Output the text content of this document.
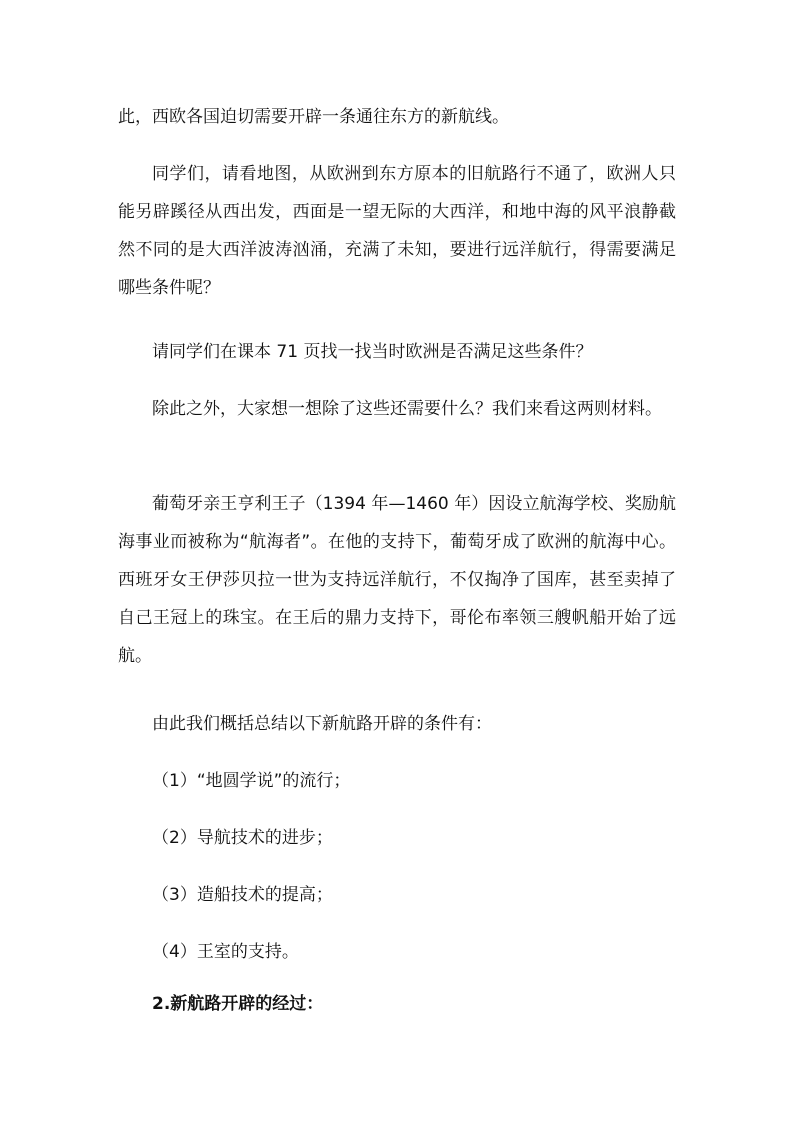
此，西欧各国迫切需要开辟一条通往东方的新航线。

同学们，请看地图，从欧洲到东方原本的旧航路行不通了，欧洲人只能另辟蹊径从西出发，西面是一望无际的大西洋，和地中海的风平浪静截然不同的是大西洋波涛汹涌，充满了未知，要进行远洋航行，得需要满足哪些条件呢？

请同学们在课本 71 页找一找当时欧洲是否满足这些条件？

除此之外，大家想一想除了这些还需要什么？我们来看这两则材料。

葡萄牙亲王亨利王子（1394 年—1460 年）因设立航海学校、奖励航海事业而被称为“航海者”。在他的支持下，葡萄牙成了欧洲的航海中心。西班牙女王伊莎贝拉一世为支持远洋航行，不仅掏净了国库，甚至卖掉了自己王冠上的珠宝。在王后的鼎力支持下，哥伦布率领三艘帆船开始了远航。

由此我们概括总结以下新航路开辟的条件有：

（1）“地圆学说”的流行；

（2）导航技术的进步；

（3）造船技术的提高；

（4）王室的支持。

2.新航路开辟的经过：
